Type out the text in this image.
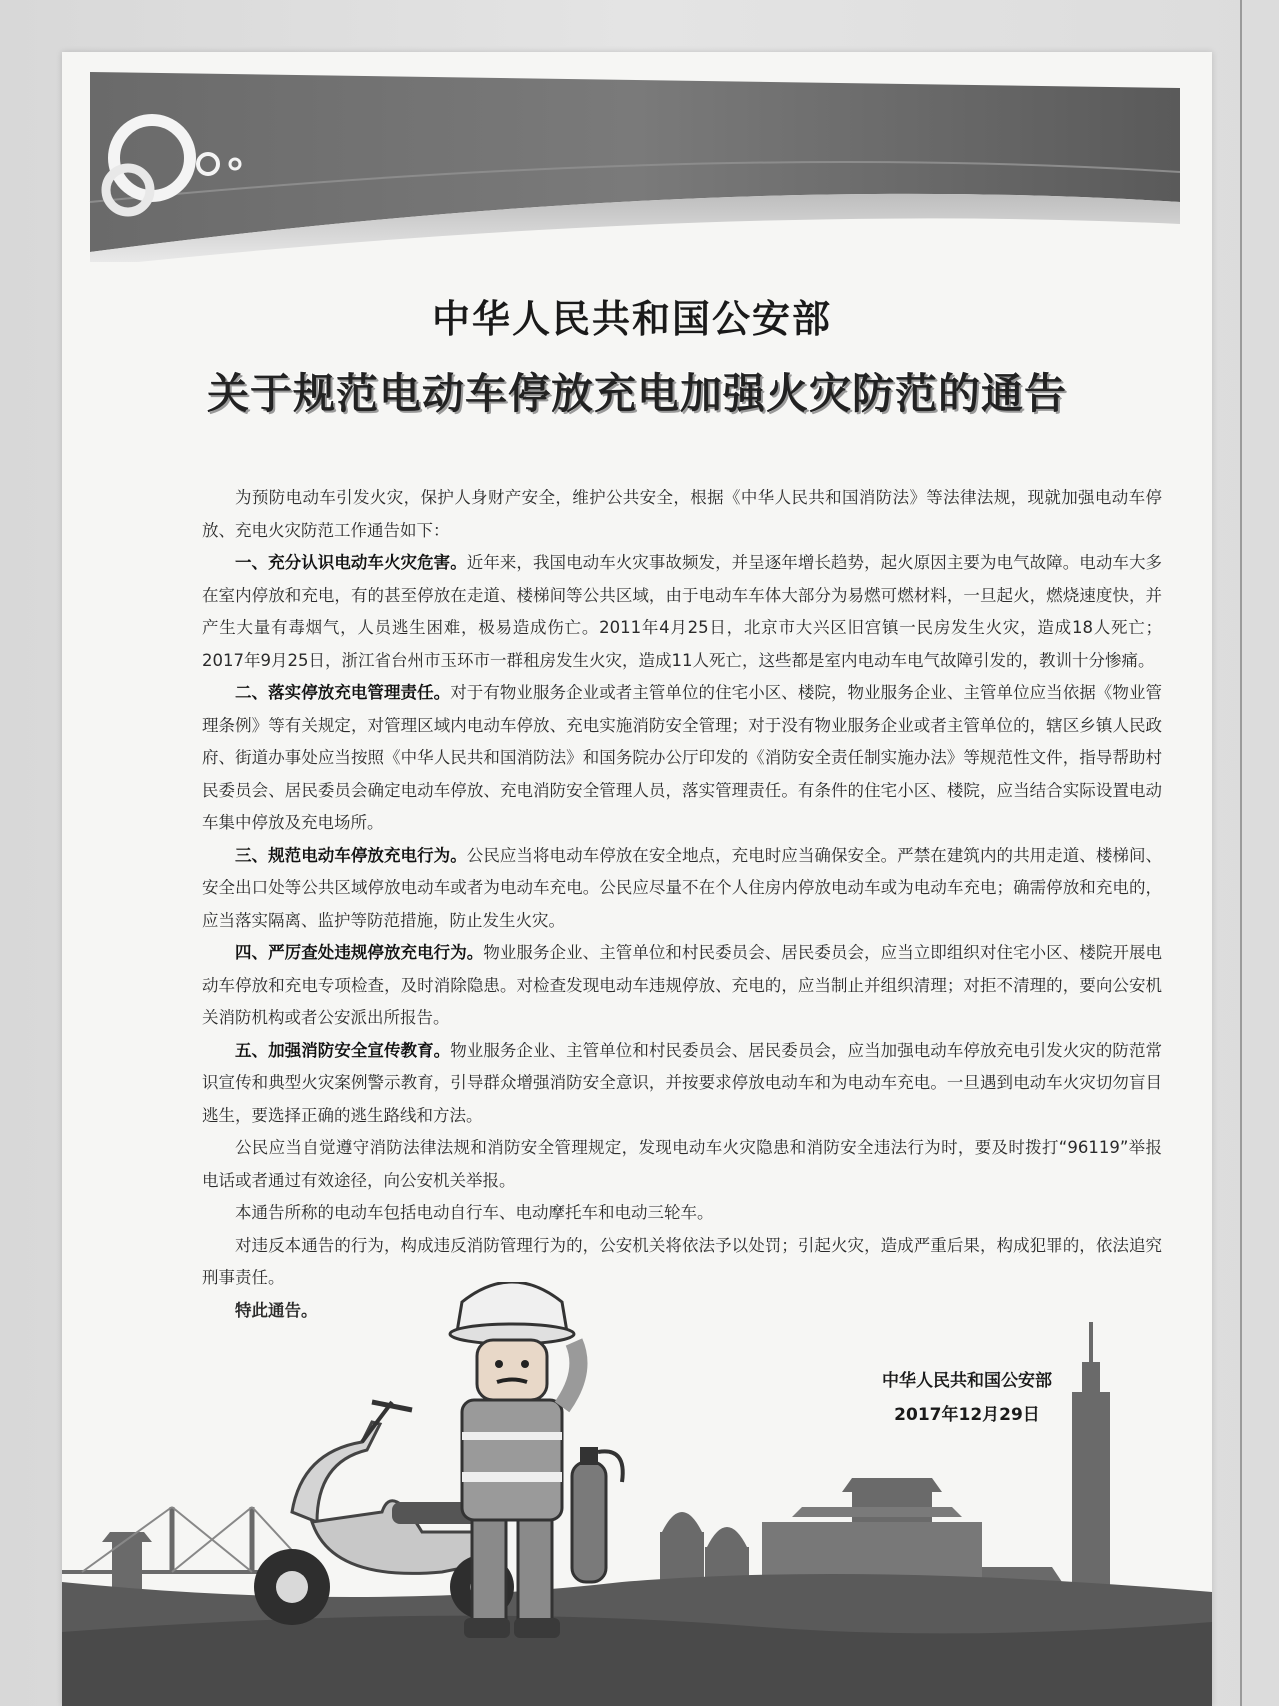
中华人民共和国公安部
关于规范电动车停放充电加强火灾防范的通告

为预防电动车引发火灾，保护人身财产安全，维护公共安全，根据《中华人民共和国消防法》等法律法规，现就加强电动车停放、充电火灾防范工作通告如下：

一、充分认识电动车火灾危害。近年来，我国电动车火灾事故频发，并呈逐年增长趋势，起火原因主要为电气故障。电动车大多在室内停放和充电，有的甚至停放在走道、楼梯间等公共区域，由于电动车车体大部分为易燃可燃材料，一旦起火，燃烧速度快，并产生大量有毒烟气，人员逃生困难，极易造成伤亡。2011年4月25日，北京市大兴区旧宫镇一民房发生火灾，造成18人死亡；2017年9月25日，浙江省台州市玉环市一群租房发生火灾，造成11人死亡，这些都是室内电动车电气故障引发的，教训十分惨痛。

二、落实停放充电管理责任。对于有物业服务企业或者主管单位的住宅小区、楼院，物业服务企业、主管单位应当依据《物业管理条例》等有关规定，对管理区域内电动车停放、充电实施消防安全管理；对于没有物业服务企业或者主管单位的，辖区乡镇人民政府、街道办事处应当按照《中华人民共和国消防法》和国务院办公厅印发的《消防安全责任制实施办法》等规范性文件，指导帮助村民委员会、居民委员会确定电动车停放、充电消防安全管理人员，落实管理责任。有条件的住宅小区、楼院，应当结合实际设置电动车集中停放及充电场所。

三、规范电动车停放充电行为。公民应当将电动车停放在安全地点，充电时应当确保安全。严禁在建筑内的共用走道、楼梯间、安全出口处等公共区域停放电动车或者为电动车充电。公民应尽量不在个人住房内停放电动车或为电动车充电；确需停放和充电的，应当落实隔离、监护等防范措施，防止发生火灾。

四、严厉查处违规停放充电行为。物业服务企业、主管单位和村民委员会、居民委员会，应当立即组织对住宅小区、楼院开展电动车停放和充电专项检查，及时消除隐患。对检查发现电动车违规停放、充电的，应当制止并组织清理；对拒不清理的，要向公安机关消防机构或者公安派出所报告。

五、加强消防安全宣传教育。物业服务企业、主管单位和村民委员会、居民委员会，应当加强电动车停放充电引发火灾的防范常识宣传和典型火灾案例警示教育，引导群众增强消防安全意识，并按要求停放电动车和为电动车充电。一旦遇到电动车火灾切勿盲目逃生，要选择正确的逃生路线和方法。

公民应当自觉遵守消防法律法规和消防安全管理规定，发现电动车火灾隐患和消防安全违法行为时，要及时拨打“96119”举报电话或者通过有效途径，向公安机关举报。

本通告所称的电动车包括电动自行车、电动摩托车和电动三轮车。

对违反本通告的行为，构成违反消防管理行为的，公安机关将依法予以处罚；引起火灾，造成严重后果，构成犯罪的，依法追究刑事责任。

特此通告。

中华人民共和国公安部
2017年12月29日
